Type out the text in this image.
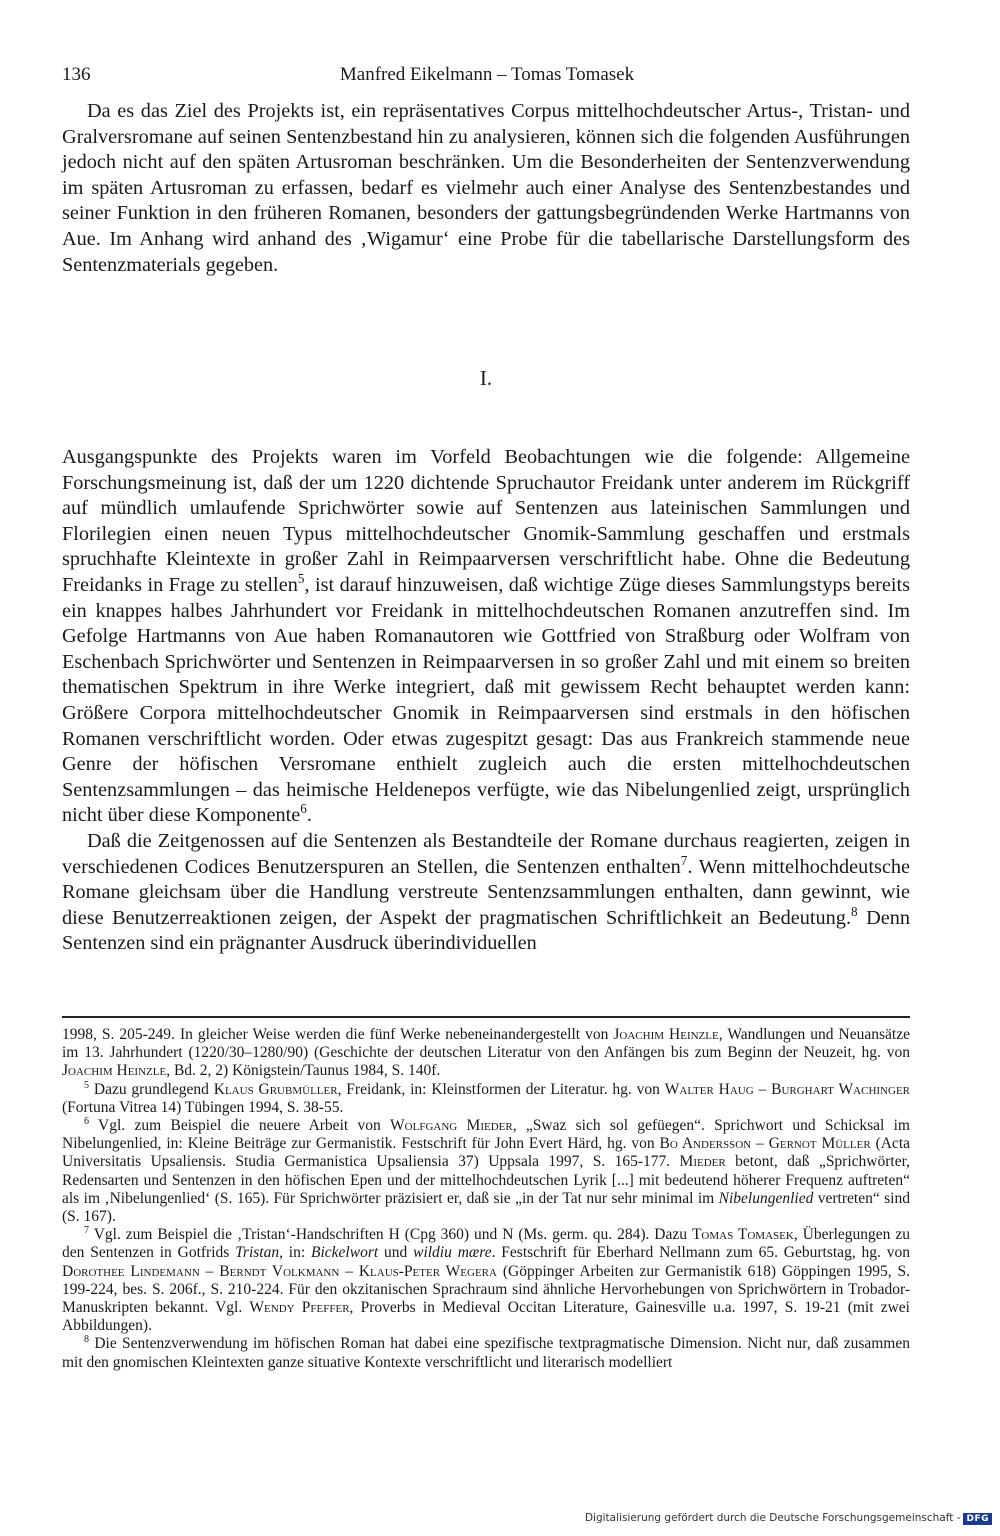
136	Manfred Eikelmann – Tomas Tomasek

Da es das Ziel des Projekts ist, ein repräsentatives Corpus mittelhochdeutscher Artus-, Tristan- und Gralversromane auf seinen Sentenzbestand hin zu analysieren, können sich die folgenden Ausführungen jedoch nicht auf den späten Artusroman beschränken. Um die Besonderheiten der Sentenzverwendung im späten Artusroman zu erfassen, bedarf es vielmehr auch einer Analyse des Sentenzbestandes und seiner Funktion in den früheren Romanen, besonders der gattungsbegründenden Werke Hartmanns von Aue. Im Anhang wird anhand des ‚Wigamur‘ eine Probe für die tabellarische Darstellungsform des Sentenzmaterials gegeben.

I.

Ausgangspunkte des Projekts waren im Vorfeld Beobachtungen wie die folgende: Allgemeine Forschungsmeinung ist, daß der um 1220 dichtende Spruchautor Freidank unter anderem im Rückgriff auf mündlich umlaufende Sprichwörter sowie auf Sentenzen aus lateinischen Sammlungen und Florilegien einen neuen Typus mittelhochdeutscher Gnomik-Sammlung geschaffen und erstmals spruchhafte Kleintexte in großer Zahl in Reimpaarversen verschriftlicht habe. Ohne die Bedeutung Freidanks in Frage zu stellen$^5$, ist darauf hinzuweisen, daß wichtige Züge dieses Sammlungstyps bereits ein knappes halbes Jahrhundert vor Freidank in mittelhochdeutschen Romanen anzutreffen sind. Im Gefolge Hartmanns von Aue haben Romanautoren wie Gottfried von Straßburg oder Wolfram von Eschenbach Sprichwörter und Sentenzen in Reimpaarversen in so großer Zahl und mit einem so breiten thematischen Spektrum in ihre Werke integriert, daß mit gewissem Recht behauptet werden kann: Größere Corpora mittelhochdeutscher Gnomik in Reimpaarversen sind erstmals in den höfischen Romanen verschriftlicht worden. Oder etwas zugespitzt gesagt: Das aus Frankreich stammende neue Genre der höfischen Versromane enthielt zugleich auch die ersten mittelhochdeutschen Sentenzsammlungen – das heimische Heldenepos verfügte, wie das Nibelungenlied zeigt, ursprünglich nicht über diese Komponente$^6$.

Daß die Zeitgenossen auf die Sentenzen als Bestandteile der Romane durchaus reagierten, zeigen in verschiedenen Codices Benutzerspuren an Stellen, die Sentenzen enthalten$^7$. Wenn mittelhochdeutsche Romane gleichsam über die Handlung verstreute Sentenzsammlungen enthalten, dann gewinnt, wie diese Benutzerreaktionen zeigen, der Aspekt der pragmatischen Schriftlichkeit an Bedeutung.$^8$ Denn Sentenzen sind ein prägnanter Ausdruck überindividuellen

1998, S. 205-249. In gleicher Weise werden die fünf Werke nebeneinandergestellt von Joachim Heinzle, Wandlungen und Neuansätze im 13. Jahrhundert (1220/30–1280/90) (Geschichte der deutschen Literatur von den Anfängen bis zum Beginn der Neuzeit, hg. von Joachim Heinzle, Bd. 2, 2) Königstein/Taunus 1984, S. 140f.

$^5$ Dazu grundlegend Klaus Grubmüller, Freidank, in: Kleinstformen der Literatur. hg. von Walter Haug – Burghart Wachinger (Fortuna Vitrea 14) Tübingen 1994, S. 38-55.

$^6$ Vgl. zum Beispiel die neuere Arbeit von Wolfgang Mieder, „Swaz sich sol gefüegen“. Sprichwort und Schicksal im Nibelungenlied, in: Kleine Beiträge zur Germanistik. Festschrift für John Evert Härd, hg. von Bo Andersson – Gernot Müller (Acta Universitatis Upsaliensis. Studia Germanistica Upsaliensia 37) Uppsala 1997, S. 165-177. Mieder betont, daß „Sprichwörter, Redensarten und Sentenzen in den höfischen Epen und der mittelhochdeutschen Lyrik [...] mit bedeutend höherer Frequenz auftreten“ als im ‚Nibelungenlied‘ (S. 165). Für Sprichwörter präzisiert er, daß sie „in der Tat nur sehr minimal im Nibelungenlied vertreten“ sind (S. 167).

$^7$ Vgl. zum Beispiel die ‚Tristan‘-Handschriften H (Cpg 360) und N (Ms. germ. qu. 284). Dazu Tomas Tomasek, Überlegungen zu den Sentenzen in Gotfrids Tristan, in: Bickelwort und wildiu mære. Festschrift für Eberhard Nellmann zum 65. Geburtstag, hg. von Dorothee Lindemann – Berndt Volkmann – Klaus-Peter Wegera (Göppinger Arbeiten zur Germanistik 618) Göppingen 1995, S. 199-224, bes. S. 206f., S. 210-224. Für den okzitanischen Sprachraum sind ähnliche Hervorhebungen von Sprichwörtern in Trobador-Manuskripten bekannt. Vgl. Wendy Pfeffer, Proverbs in Medieval Occitan Literature, Gainesville u.a. 1997, S. 19-21 (mit zwei Abbildungen).

$^8$ Die Sentenzverwendung im höfischen Roman hat dabei eine spezifische textpragmatische Dimension. Nicht nur, daß zusammen mit den gnomischen Kleintexten ganze situative Kontexte verschriftlicht und literarisch modelliert

Digitalisierung gefördert durch die Deutsche Forschungsgemeinschaft - DFG
